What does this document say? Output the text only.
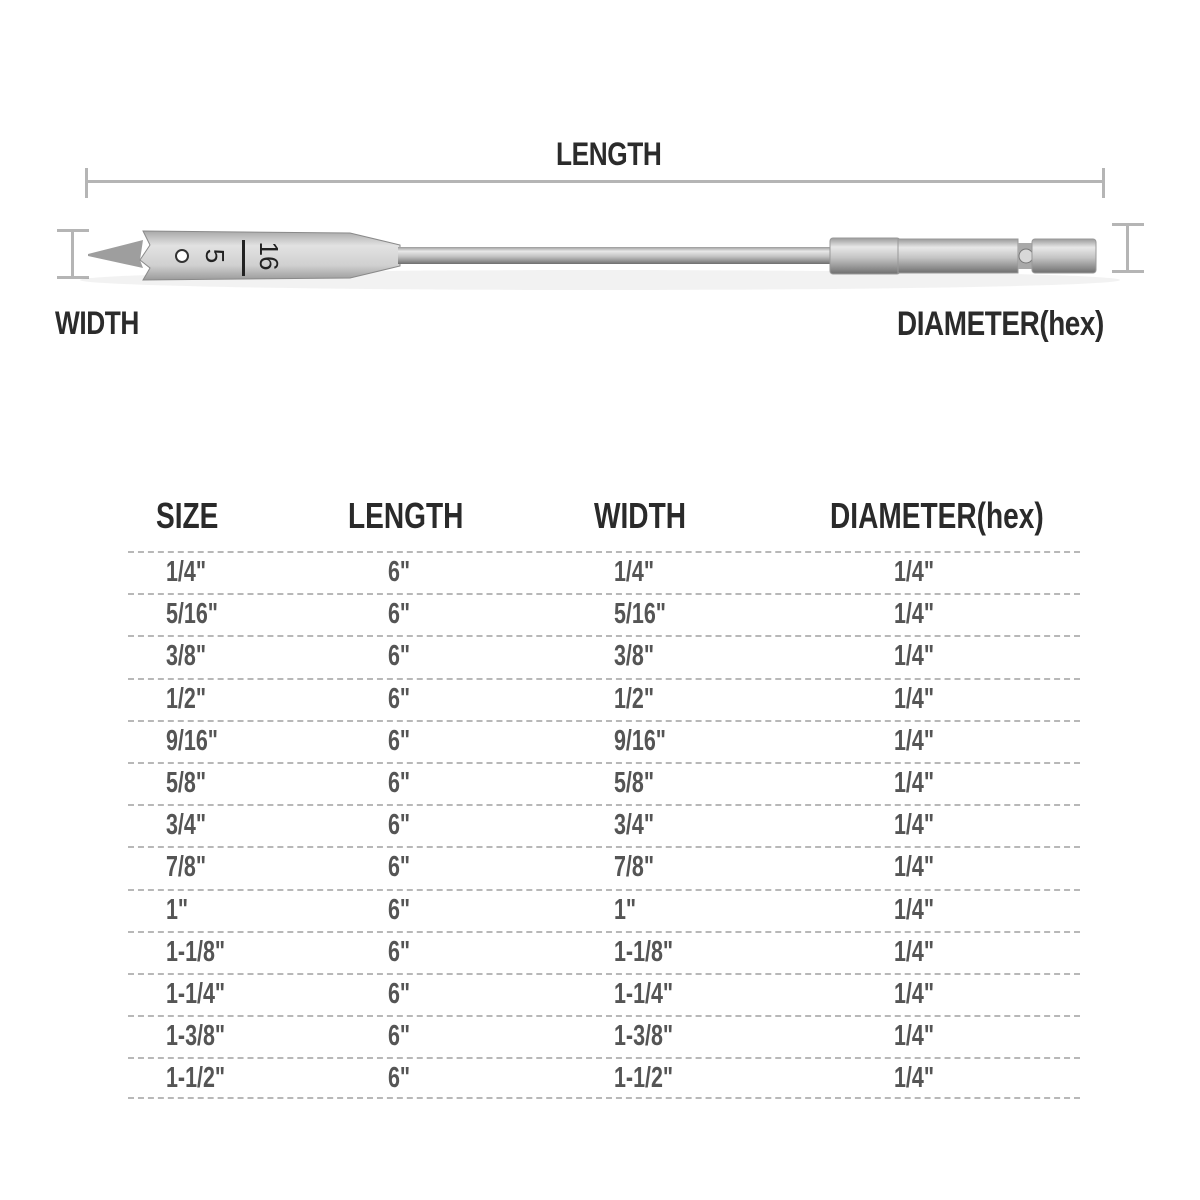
5 16
LENGTH
WIDTH	DIAMETER(hex)
SIZE	LENGTH	WIDTH	DIAMETER(hex)
1/4"	6"	1/4"	1/4"
5/16"	6"	5/16"	1/4"
3/8"	6"	3/8"	1/4"
1/2"	6"	1/2"	1/4"
9/16"	6"	9/16"	1/4"
5/8"	6"	5/8"	1/4"
3/4"	6"	3/4"	1/4"
7/8"	6"	7/8"	1/4"
1"	6"	1"	1/4"
1-1/8"	6"	1-1/8"	1/4"
1-1/4"	6"	1-1/4"	1/4"
1-3/8"	6"	1-3/8"	1/4"
1-1/2"	6"	1-1/2"	1/4"
